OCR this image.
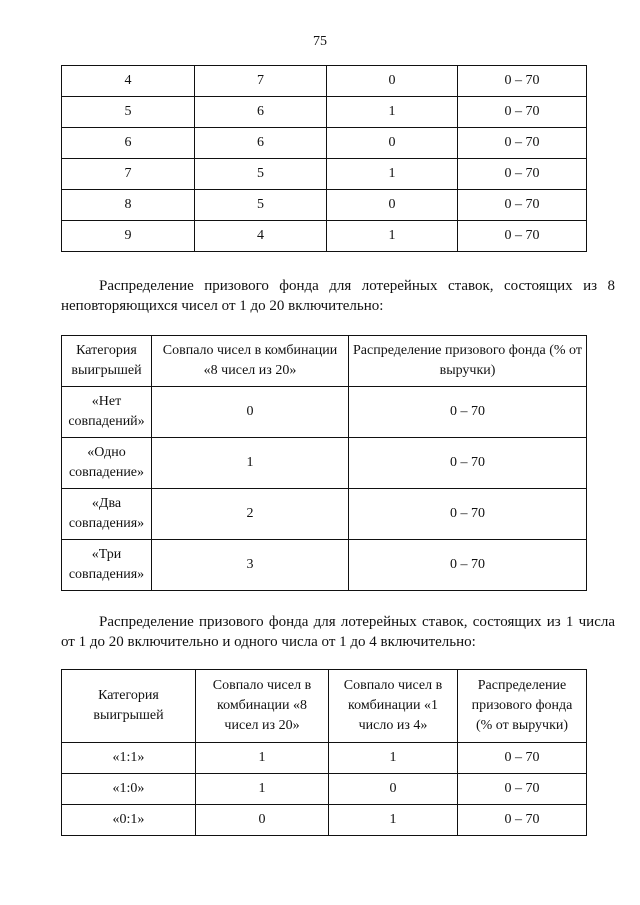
75
4	7	0	0 – 70
5	6	1	0 – 70
6	6	0	0 – 70
7	5	1	0 – 70
8	5	0	0 – 70
9	4	1	0 – 70
Распределение призового фонда для лотерейных ставок, состоящих из 8 неповторяющихся чисел от 1 до 20 включительно:
Категория выигрышей	Совпало чисел в комбинации «8 чисел из 20»	Распределение призового фонда (% от выручки)
«Нет совпадений»	0	0 – 70
«Одно совпадение»	1	0 – 70
«Два совпадения»	2	0 – 70
«Три совпадения»	3	0 – 70
Распределение призового фонда для лотерейных ставок, состоящих из 1 числа от 1 до 20 включительно и одного числа от 1 до 4 включительно:
Категория выигрышей	Совпало чисел в комбинации «8 чисел из 20»	Совпало чисел в комбинации «1 число из 4»	Распределение призового фонда (% от выручки)
«1:1»	1	1	0 – 70
«1:0»	1	0	0 – 70
«0:1»	0	1	0 – 70
